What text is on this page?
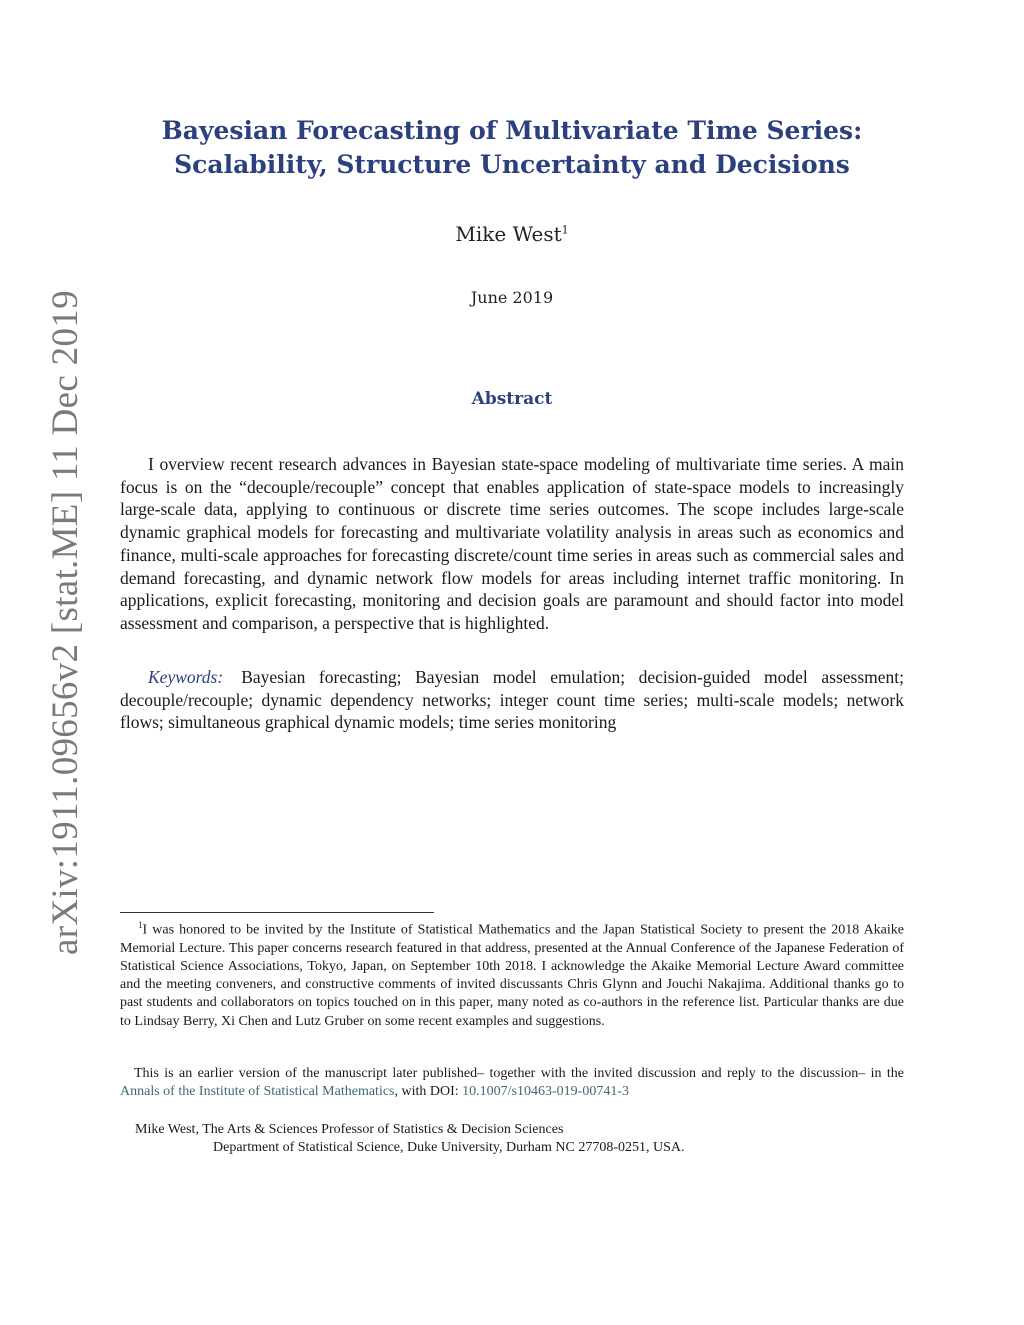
arXiv:1911.09656v2 [stat.ME] 11 Dec 2019
Bayesian Forecasting of Multivariate Time Series:
Scalability, Structure Uncertainty and Decisions
Mike West$^1$
June 2019
Abstract

I overview recent research advances in Bayesian state-space modeling of multivariate time series. A main focus is on the “decouple/recouple” concept that enables application of state-space models to increasingly large-scale data, applying to continuous or discrete time series outcomes. The scope includes large-scale dynamic graphical models for forecasting and multivariate volatility analysis in areas such as economics and finance, multi-scale approaches for forecasting discrete/count time series in areas such as commercial sales and demand forecasting, and dynamic network flow models for areas including internet traffic monitoring. In applications, explicit forecasting, monitoring and decision goals are paramount and should factor into model assessment and comparison, a perspective that is highlighted.

Keywords: Bayesian forecasting; Bayesian model emulation; decision-guided model assessment; decouple/recouple; dynamic dependency networks; integer count time series; multi-scale models; network flows; simultaneous graphical dynamic models; time series monitoring

$^1$I was honored to be invited by the Institute of Statistical Mathematics and the Japan Statistical Society to present the 2018 Akaike Memorial Lecture. This paper concerns research featured in that address, presented at the Annual Conference of the Japanese Federation of Statistical Science Associations, Tokyo, Japan, on September 10th 2018. I acknowledge the Akaike Memorial Lecture Award committee and the meeting conveners, and constructive comments of invited discussants Chris Glynn and Jouchi Nakajima. Additional thanks go to past students and collaborators on topics touched on in this paper, many noted as co-authors in the reference list. Particular thanks are due to Lindsay Berry, Xi Chen and Lutz Gruber on some recent examples and suggestions.

This is an earlier version of the manuscript later published– together with the invited discussion and reply to the discussion– in the Annals of the Institute of Statistical Mathematics, with DOI: 10.1007/s10463-019-00741-3

Mike West, The Arts & Sciences Professor of Statistics & Decision Sciences
Department of Statistical Science, Duke University, Durham NC 27708-0251, USA.
